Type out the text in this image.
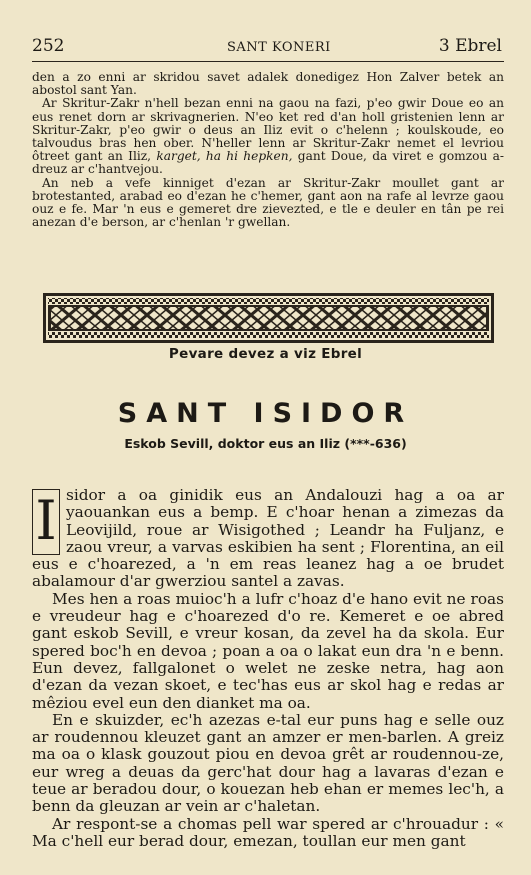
252	SANT KONERI	3 Ebrel

den a zo enni ar skridou savet adalek donedigez Hon Zalver betek an abostol sant Yan.

Ar Skritur-Zakr n'hell bezan enni na gaou na fazi, p'eo gwir Doue eo an eus renet dorn ar skrivagnerien. N'eo ket red d'an holl gristenien lenn ar Skritur-Zakr, p'eo gwir o deus an Iliz evit o c'helenn ; koulskoude, eo talvoudus bras hen ober. N'heller lenn ar Skritur-Zakr nemet el levriou ôtreet gant an Iliz, karget, ha hi hepken, gant Doue, da viret e gomzou a-dreuz ar c'hantvejou.

An neb a vefe kinniget d'ezan ar Skritur-Zakr moullet gant ar brotestanted, arabad eo d'ezan he c'hemer, gant aon na rafe al levrze gaou ouz e fe. Mar 'n eus e gemeret dre zievezted, e tle e deuler en tân pe rei anezan d'e berson, ar c'henlan 'r gwellan.

Pevare devez a viz Ebrel
SANT ISIDOR
Eskob Sevill, doktor eus an Iliz (***-636)
I sidor a oa ginidik eus an Andalouzi hag a oa ar yaouankan eus a bemp. E c'hoar henan a zimezas da Leovijild, roue ar Wisigothed ; Leandr ha Fuljanz, e zaou vreur, a varvas eskibien ha sent ; Florentina, an eil eus e c'hoarezed, a 'n em reas leanez hag a oe brudet abalamour d'ar gwerziou santel a zavas.

Mes hen a roas muioc'h a lufr c'hoaz d'e hano evit ne roas e vreudeur hag e c'hoarezed d'o re. Kemeret e oe abred gant eskob Sevill, e vreur kosan, da zevel ha da skola. Eur spered boc'h en devoa ; poan a oa o lakat eun dra 'n e benn. Eun devez, fallgalonet o welet ne zeske netra, hag aon d'ezan da vezan skoet, e tec'has eus ar skol hag e redas ar mêziou evel eun den dianket ma oa.

En e skuizder, ec'h azezas e-tal eur puns hag e selle ouz ar roudennou kleuzet gant an amzer er men-barlen. A greiz ma oa o klask gouzout piou en devoa grêt ar roudennou-ze, eur wreg a deuas da gerc'hat dour hag a lavaras d'ezan e teue ar beradou dour, o kouezan heb ehan er memes lec'h, a benn da gleuzan ar vein ar c'haletan.

Ar respont-se a chomas pell war spered ar c'hrouadur : « Ma c'hell eur berad dour, emezan, toullan eur men gant
